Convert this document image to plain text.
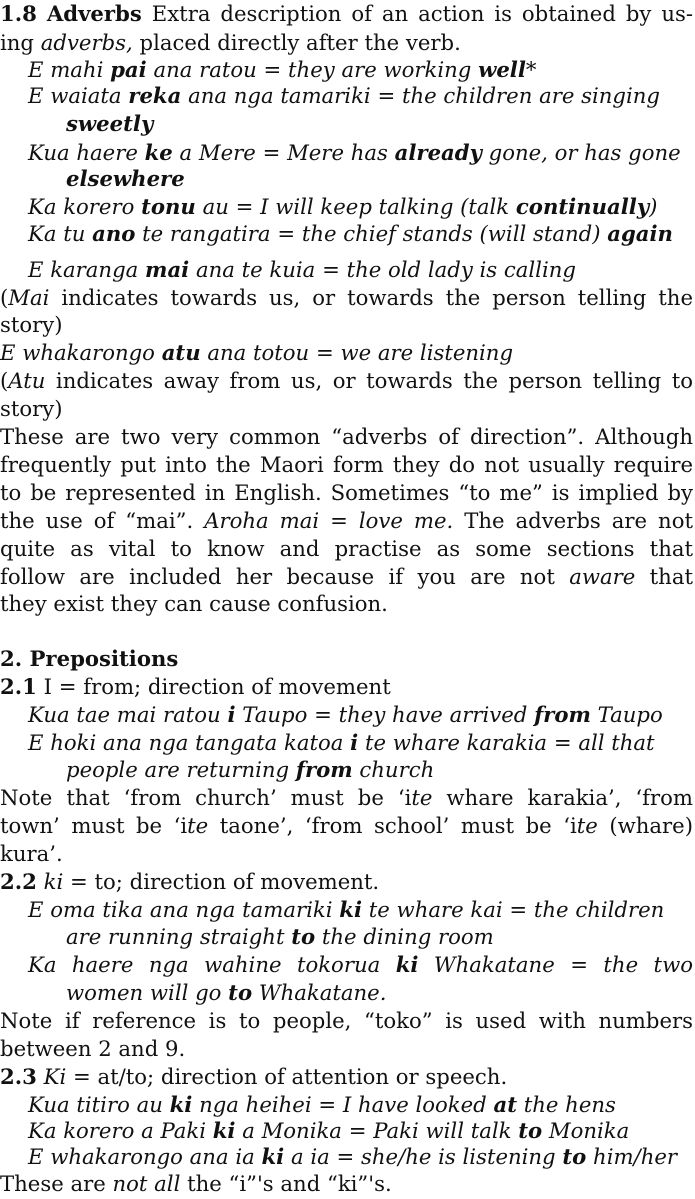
1.8 Adverbs Extra description of an action is obtained by us-
ing adverbs, placed directly after the verb.
E mahi pai ana ratou = they are working well*
E waiata reka ana nga tamariki = the children are singing
sweetly
Kua haere ke a Mere = Mere has already gone, or has gone
elsewhere
Ka korero tonu au = I will keep talking (talk continually)
Ka tu ano te rangatira = the chief stands (will stand) again
E karanga mai ana te kuia = the old lady is calling
(Mai indicates towards us, or towards the person telling the
story)
E whakarongo atu ana totou = we are listening
(Atu indicates away from us, or towards the person telling to
story)
These are two very common “adverbs of direction”. Although
frequently put into the Maori form they do not usually require
to be represented in English. Sometimes “to me” is implied by
the use of “mai”. Aroha mai = love me. The adverbs are not
quite as vital to know and practise as some sections that
follow are included her because if you are not aware that
they exist they can cause confusion.
2. Prepositions
2.1 I = from; direction of movement
Kua tae mai ratou i Taupo = they have arrived from Taupo
E hoki ana nga tangata katoa i te whare karakia = all that
people are returning from church
Note that ‘from church’ must be ‘ite whare karakia’, ‘from
town’ must be ‘ite taone’, ‘from school’ must be ‘ite (whare)
kura’.
2.2 ki = to; direction of movement.
E oma tika ana nga tamariki ki te whare kai = the children
are running straight to the dining room
Ka haere nga wahine tokorua ki Whakatane = the two
women will go to Whakatane.
Note if reference is to people, “toko” is used with numbers
between 2 and 9.
2.3 Ki = at/to; direction of attention or speech.
Kua titiro au ki nga heihei = I have looked at the hens
Ka korero a Paki ki a Monika = Paki will talk to Monika
E whakarongo ana ia ki a ia = she/he is listening to him/her
These are not all the “i”'s and “ki”'s.
